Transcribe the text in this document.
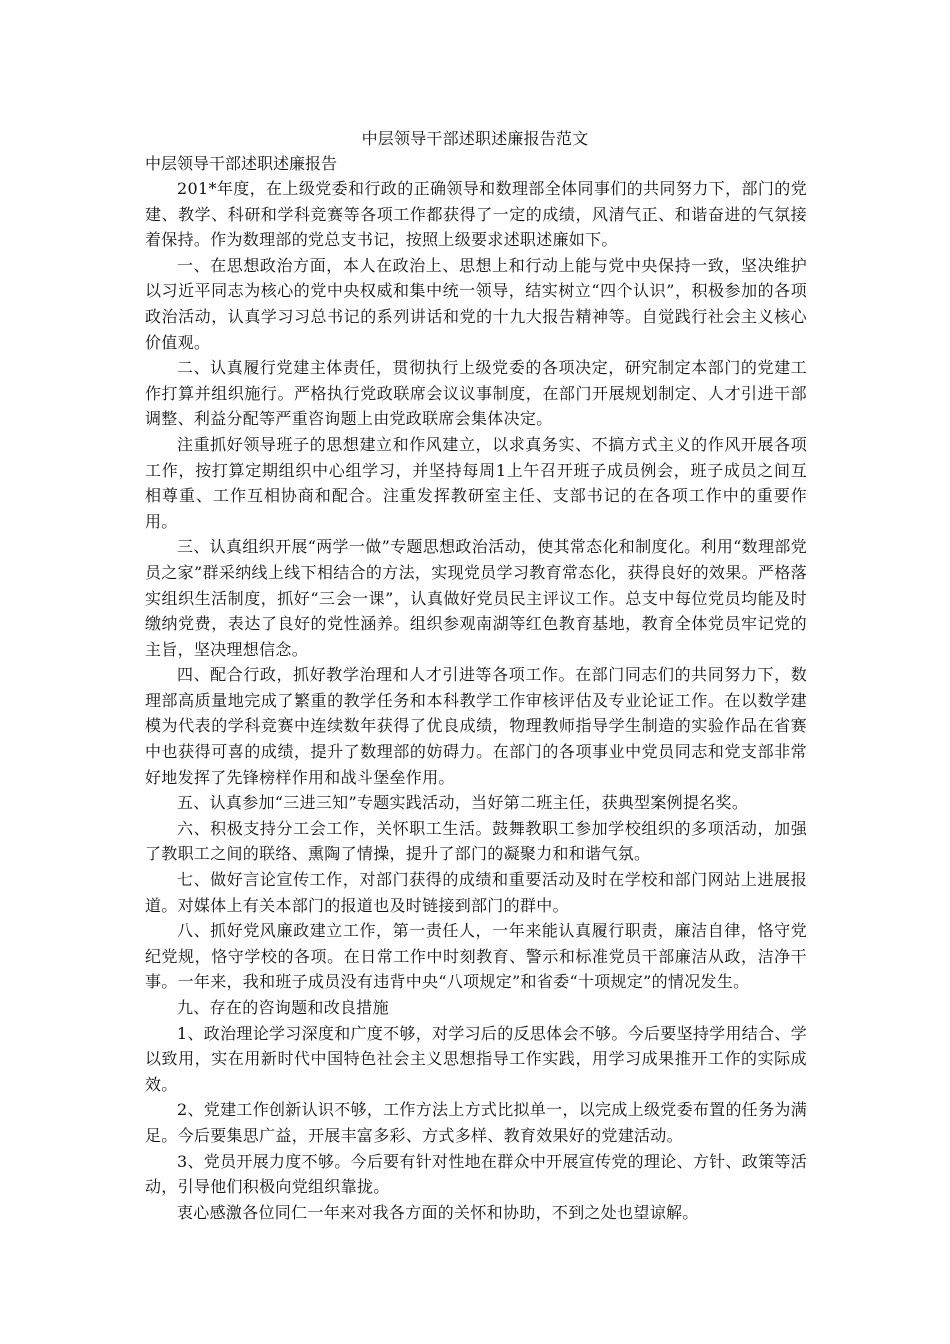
中层领导干部述职述廉报告范文
中层领导干部述职述廉报告

201*年度，在上级党委和行政的正确领导和数理部全体同事们的共同努力下，部门的党建、教学、科研和学科竞赛等各项工作都获得了一定的成绩，风清气正、和谐奋进的气氛接着保持。作为数理部的党总支书记，按照上级要求述职述廉如下。

一、在思想政治方面，本人在政治上、思想上和行动上能与党中央保持一致，坚决维护以习近平同志为核心的党中央权威和集中统一领导，结实树立“四个认识”，积极参加的各项政治活动，认真学习习总书记的系列讲话和党的十九大报告精神等。自觉践行社会主义核心价值观。

二、认真履行党建主体责任，贯彻执行上级党委的各项决定，研究制定本部门的党建工作打算并组织施行。严格执行党政联席会议议事制度，在部门开展规划制定、人才引进干部调整、利益分配等严重咨询题上由党政联席会集体决定。

注重抓好领导班子的思想建立和作风建立，以求真务实、不搞方式主义的作风开展各项工作，按打算定期组织中心组学习，并坚持每周1上午召开班子成员例会，班子成员之间互相尊重、工作互相协商和配合。注重发挥教研室主任、支部书记的在各项工作中的重要作用。

三、认真组织开展“两学一做”专题思想政治活动，使其常态化和制度化。利用“数理部党员之家”群采纳线上线下相结合的方法，实现党员学习教育常态化，获得良好的效果。严格落实组织生活制度，抓好“三会一课”，认真做好党员民主评议工作。总支中每位党员均能及时缴纳党费，表达了良好的党性涵养。组织参观南湖等红色教育基地，教育全体党员牢记党的主旨，坚决理想信念。

四、配合行政，抓好教学治理和人才引进等各项工作。在部门同志们的共同努力下，数理部高质量地完成了繁重的教学任务和本科教学工作审核评估及专业论证工作。在以数学建模为代表的学科竞赛中连续数年获得了优良成绩，物理教师指导学生制造的实验作品在省赛中也获得可喜的成绩，提升了数理部的妨碍力。在部门的各项事业中党员同志和党支部非常好地发挥了先锋榜样作用和战斗堡垒作用。

五、认真参加“三进三知”专题实践活动，当好第二班主任，获典型案例提名奖。

六、积极支持分工会工作，关怀职工生活。鼓舞教职工参加学校组织的多项活动，加强了教职工之间的联络、熏陶了情操，提升了部门的凝聚力和和谐气氛。

七、做好言论宣传工作，对部门获得的成绩和重要活动及时在学校和部门网站上进展报道。对媒体上有关本部门的报道也及时链接到部门的群中。

八、抓好党风廉政建立工作，第一责任人，一年来能认真履行职责，廉洁自律，恪守党纪党规，恪守学校的各项。在日常工作中时刻教育、警示和标准党员干部廉洁从政，洁净干事。一年来，我和班子成员没有违背中央“八项规定”和省委“十项规定”的情况发生。

九、存在的咨询题和改良措施

1、政治理论学习深度和广度不够，对学习后的反思体会不够。今后要坚持学用结合、学以致用，实在用新时代中国特色社会主义思想指导工作实践，用学习成果推开工作的实际成效。

2、党建工作创新认识不够，工作方法上方式比拟单一，以完成上级党委布置的任务为满足。今后要集思广益，开展丰富多彩、方式多样、教育效果好的党建活动。

3、党员开展力度不够。今后要有针对性地在群众中开展宣传党的理论、方针、政策等活动，引导他们积极向党组织靠拢。

衷心感激各位同仁一年来对我各方面的关怀和协助，不到之处也望谅解。
